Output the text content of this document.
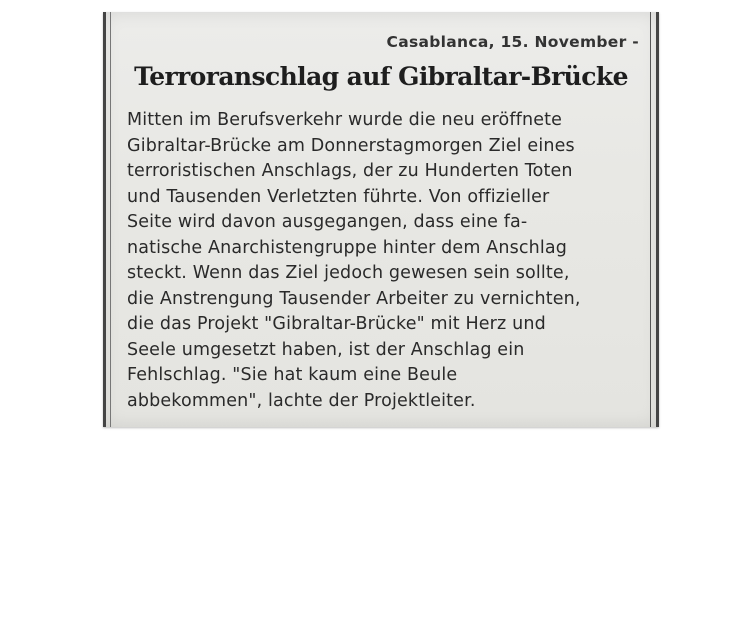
Casablanca, 15. November -
Terroranschlag auf Gibraltar-Brücke
Mitten im Berufsverkehr wurde die neu eröffnete
Gibraltar-Brücke am Donnerstagmorgen Ziel eines
terroristischen Anschlags, der zu Hunderten Toten
und Tausenden Verletzten führte. Von offizieller
Seite wird davon ausgegangen, dass eine fa-
natische Anarchistengruppe hinter dem Anschlag
steckt. Wenn das Ziel jedoch gewesen sein sollte,
die Anstrengung Tausender Arbeiter zu vernichten,
die das Projekt "Gibraltar-Brücke" mit Herz und
Seele umgesetzt haben, ist der Anschlag ein
Fehlschlag. "Sie hat kaum eine Beule
abbekommen", lachte der Projektleiter.
